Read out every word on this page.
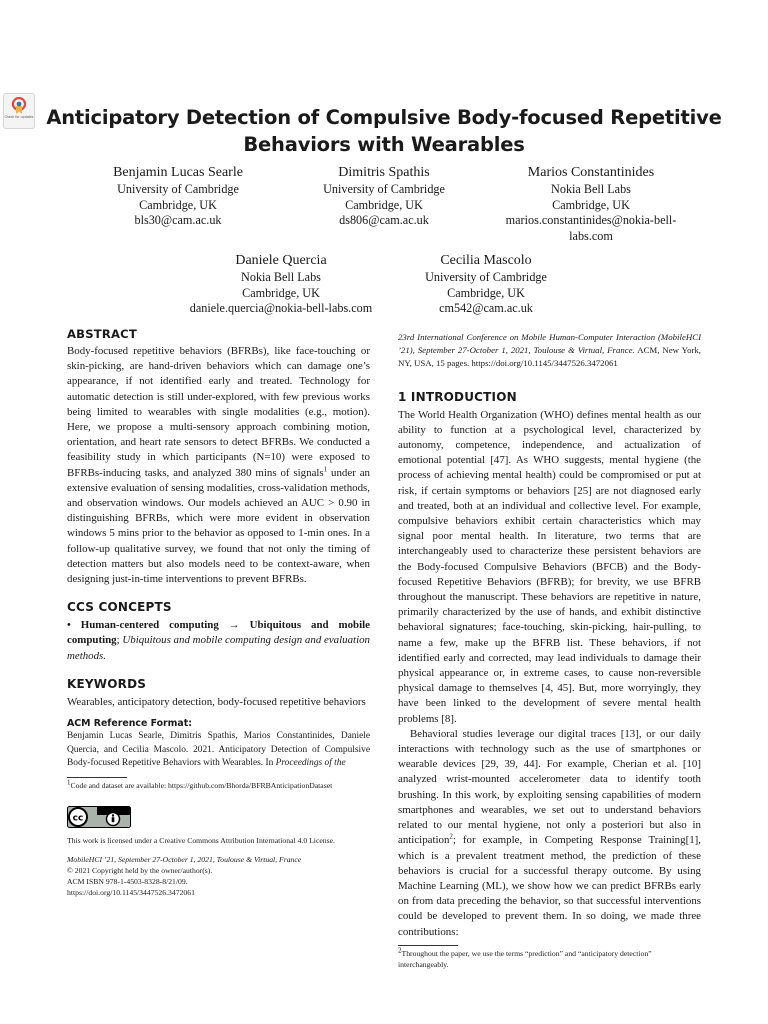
Check for updates Anticipatory Detection of Compulsive Body-focused Repetitive Behaviors with Wearables
Benjamin Lucas Searle
University of Cambridge
Cambridge, UK
bls30@cam.ac.uk
Dimitris Spathis
University of Cambridge
Cambridge, UK
ds806@cam.ac.uk
Marios Constantinides
Nokia Bell Labs
Cambridge, UK
marios.constantinides@nokia-bell-
labs.com
Daniele Quercia
Nokia Bell Labs
Cambridge, UK
daniele.quercia@nokia-bell-labs.com
Cecilia Mascolo
University of Cambridge
Cambridge, UK
cm542@cam.ac.uk
ABSTRACT

Body-focused repetitive behaviors (BFRBs), like face-touching or skin-picking, are hand-driven behaviors which can damage one’s appearance, if not identified early and treated. Technology for automatic detection is still under-explored, with few previous works being limited to wearables with single modalities (e.g., motion). Here, we propose a multi-sensory approach combining motion, orientation, and heart rate sensors to detect BFRBs. We conducted a feasibility study in which participants (N=10) were exposed to BFRBs-inducing tasks, and analyzed 380 mins of signals$^1$ under an extensive evaluation of sensing modalities, cross-validation methods, and observation windows. Our models achieved an AUC > 0.90 in distinguishing BFRBs, which were more evident in observation windows 5 mins prior to the behavior as opposed to 1-min ones. In a follow-up qualitative survey, we found that not only the timing of detection matters but also models need to be context-aware, when designing just-in-time interventions to prevent BFRBs.

CCS CONCEPTS

• Human-centered computing → Ubiquitous and mobile computing; Ubiquitous and mobile computing design and evaluation methods.

KEYWORDS

Wearables, anticipatory detection, body-focused repetitive behaviors

ACM Reference Format:

Benjamin Lucas Searle, Dimitris Spathis, Marios Constantinides, Daniele Quercia, and Cecilia Mascolo. 2021. Anticipatory Detection of Compulsive Body-focused Repetitive Behaviors with Wearables. In Proceedings of the

$^1$Code and dataset are available: https://github.com/Bhorda/BFRBAnticipationDataset

cc

This work is licensed under a Creative Commons Attribution International 4.0 License.

MobileHCI ’21, September 27-October 1, 2021, Toulouse & Virtual, France

© 2021 Copyright held by the owner/author(s).

ACM ISBN 978-1-4503-8328-8/21/09.

https://doi.org/10.1145/3447526.3472061

23rd International Conference on Mobile Human-Computer Interaction (MobileHCI ’21), September 27-October 1, 2021, Toulouse & Virtual, France. ACM, New York, NY, USA, 15 pages. https://doi.org/10.1145/3447526.3472061

1 INTRODUCTION

The World Health Organization (WHO) defines mental health as our ability to function at a psychological level, characterized by autonomy, competence, independence, and actualization of emotional potential [47]. As WHO suggests, mental hygiene (the process of achieving mental health) could be compromised or put at risk, if certain symptoms or behaviors [25] are not diagnosed early and treated, both at an individual and collective level. For example, compulsive behaviors exhibit certain characteristics which may signal poor mental health. In literature, two terms that are interchangeably used to characterize these persistent behaviors are the Body-focused Compulsive Behaviors (BFCB) and the Body-focused Repetitive Behaviors (BFRB); for brevity, we use BFRB throughout the manuscript. These behaviors are repetitive in nature, primarily characterized by the use of hands, and exhibit distinctive behavioral signatures; face-touching, skin-picking, hair-pulling, to name a few, make up the BFRB list. These behaviors, if not identified early and corrected, may lead individuals to damage their physical appearance or, in extreme cases, to cause non-reversible physical damage to themselves [4, 45]. But, more worryingly, they have been linked to the development of severe mental health problems [8].

Behavioral studies leverage our digital traces [13], or our daily interactions with technology such as the use of smartphones or wearable devices [29, 39, 44]. For example, Cherian et al. [10] analyzed wrist-mounted accelerometer data to identify tooth brushing. In this work, by exploiting sensing capabilities of modern smartphones and wearables, we set out to understand behaviors related to our mental hygiene, not only a posteriori but also in anticipation$^2$; for example, in Competing Response Training[1], which is a prevalent treatment method, the prediction of these behaviors is crucial for a successful therapy outcome. By using Machine Learning (ML), we show how we can predict BFRBs early on from data preceding the behavior, so that successful interventions could be developed to prevent them. In so doing, we made three contributions:

$^2$Throughout the paper, we use the terms “prediction” and “anticipatory detection” interchangeably.
